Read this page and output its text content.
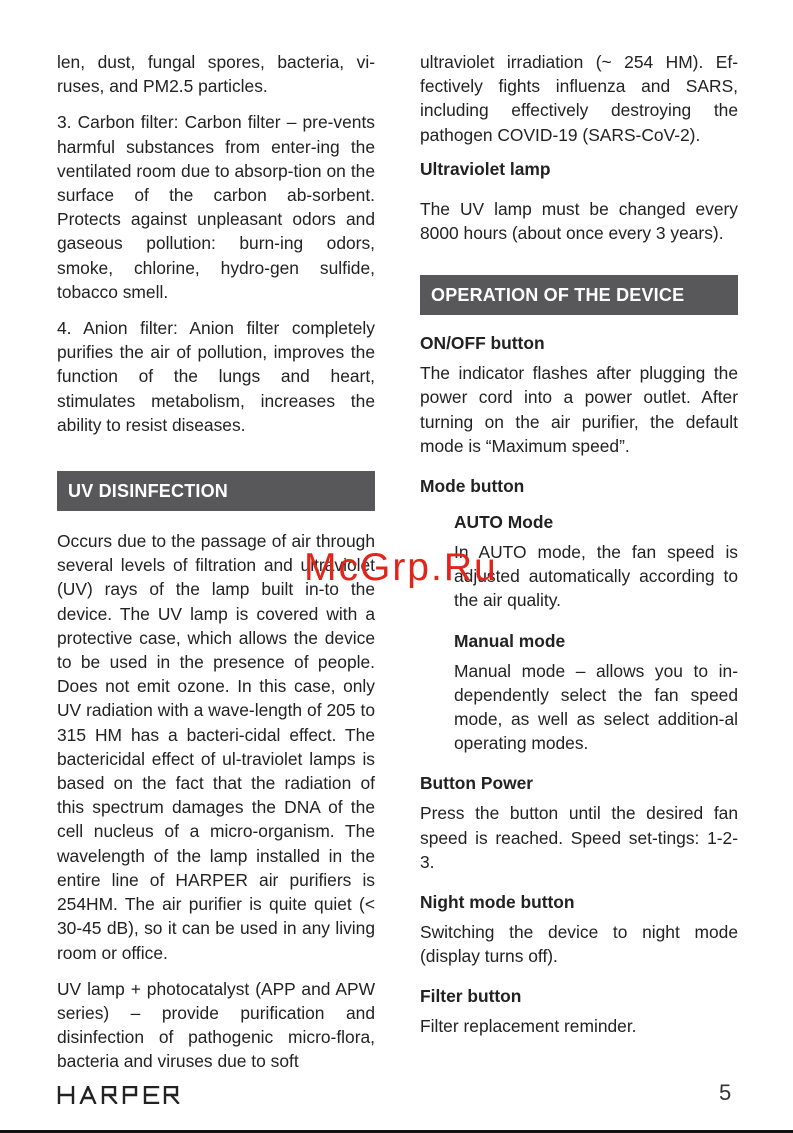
len, dust, fungal spores, bacteria, vi-ruses, and PM2.5 particles.

3. Carbon filter: Carbon filter – pre-vents harmful substances from enter-ing the ventilated room due to absorp-tion on the surface of the carbon ab-sorbent. Protects against unpleasant odors and gaseous pollution: burn-ing odors, smoke, chlorine, hydro-gen sulfide, tobacco smell.

4. Anion filter: Anion filter completely purifies the air of pollution, improves the function of the lungs and heart, stimulates metabolism, increases the ability to resist diseases.

UV DISINFECTION

Occurs due to the passage of air through several levels of filtration and ultraviolet (UV) rays of the lamp built in-to the device. The UV lamp is covered with a protective case, which allows the device to be used in the presence of people. Does not emit ozone. In this case, only UV radiation with a wave-length of 205 to 315 HM has a bacteri-cidal effect. The bactericidal effect of ul-traviolet lamps is based on the fact that the radiation of this spectrum damages the DNA of the cell nucleus of a micro-organism. The wavelength of the lamp installed in the entire line of HARPER air purifiers is 254HM. The air purifier is quite quiet (< 30-45 dB), so it can be used in any living room or office.

UV lamp + photocatalyst (APP and APW series) – provide purification and disinfection of pathogenic micro-flora, bacteria and viruses due to soft

ultraviolet irradiation (~ 254 HM). Ef-fectively fights influenza and SARS, including effectively destroying the pathogen COVID-19 (SARS-CoV-2).

Ultraviolet lamp

The UV lamp must be changed every 8000 hours (about once every 3 years).

OPERATION OF THE DEVICE
ON/OFF button

The indicator flashes after plugging the power cord into a power outlet. After turning on the air purifier, the default mode is “Maximum speed”.

Mode button
AUTO Mode

In AUTO mode, the fan speed is adjusted automatically according to the air quality.

Manual mode

Manual mode – allows you to in-dependently select the fan speed mode, as well as select addition-al operating modes.

Button Power

Press the button until the desired fan speed is reached. Speed set-tings: 1-2-3.

Night mode button

Switching the device to night mode (display turns off).

Filter button

Filter replacement reminder.

McGrp.Ru
5
